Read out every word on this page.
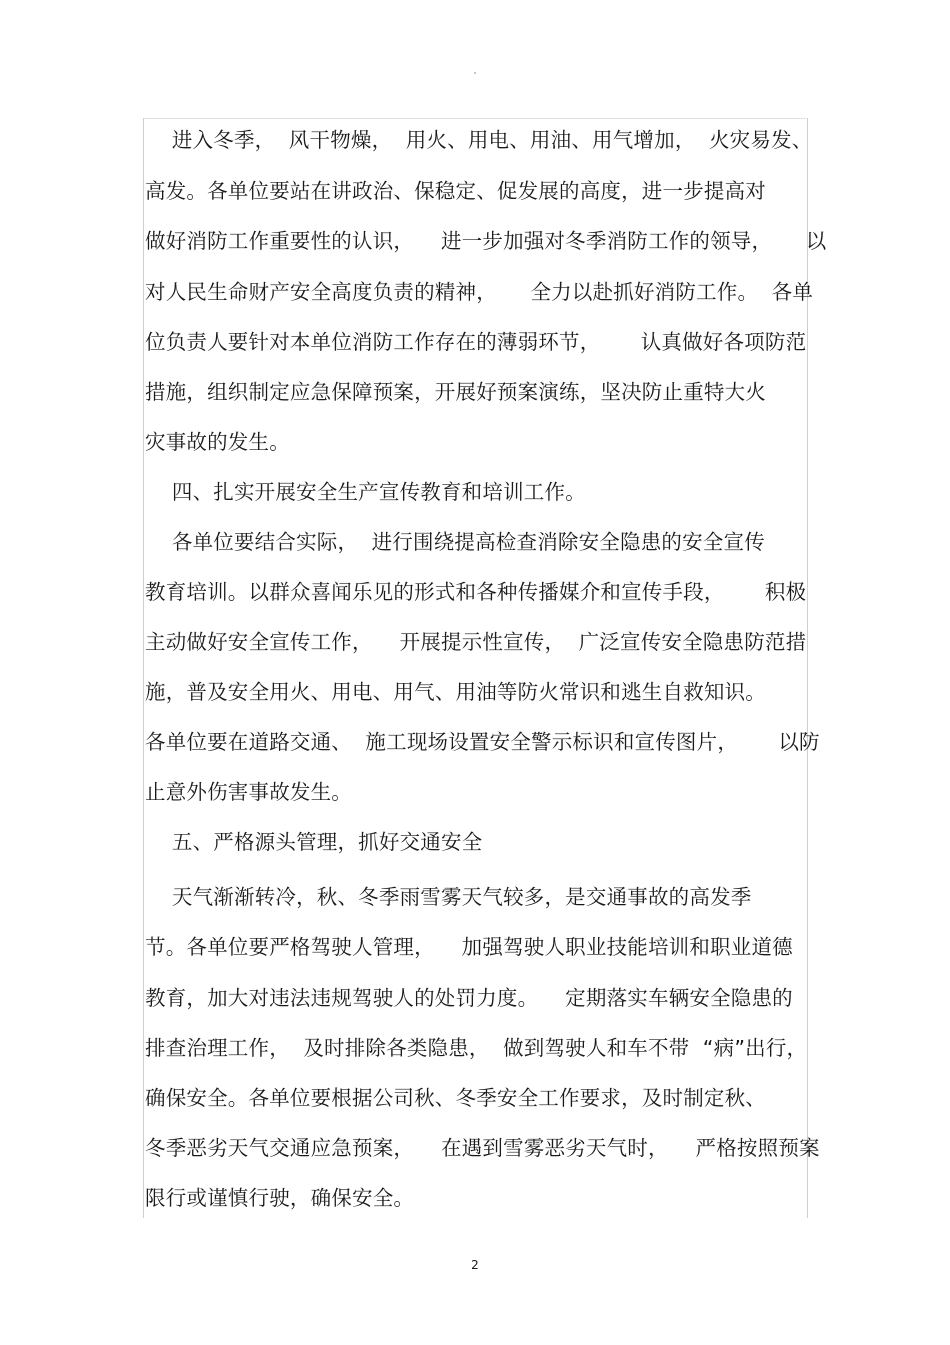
"
进入冬季，  风干物燥，  用火、用电、用油、用气增加，  火灾易发、
高发。各单位要站在讲政治、保稳定、促发展的高度，进一步提高对
做好消防工作重要性的认识，    进一步加强对冬季消防工作的领导，     以
对人民生命财产安全高度负责的精神，     全力以赴抓好消防工作。  各单
位负责人要针对本单位消防工作存在的薄弱环节，      认真做好各项防范
措施，组织制定应急保障预案，开展好预案演练，坚决防止重特大火
灾事故的发生。
四、扎实开展安全生产宣传教育和培训工作。
各单位要结合实际，  进行围绕提高检查消除安全隐患的安全宣传
教育培训。以群众喜闻乐见的形式和各种传播媒介和宣传手段，      积极
主动做好安全宣传工作，    开展提示性宣传，  广泛宣传安全隐患防范措
施，普及安全用火、用电、用气、用油等防火常识和逃生自救知识。
各单位要在道路交通、  施工现场设置安全警示标识和宣传图片，      以防
止意外伤害事故发生。
五、严格源头管理，抓好交通安全
天气渐渐转冷，秋、冬季雨雪雾天气较多，是交通事故的高发季
节。各单位要严格驾驶人管理，    加强驾驶人职业技能培训和职业道德
教育，加大对违法违规驾驶人的处罚力度。    定期落实车辆安全隐患的
排查治理工作，  及时排除各类隐患，  做到驾驶人和车不带  “病”出行，
确保安全。各单位要根据公司秋、冬季安全工作要求，及时制定秋、
冬季恶劣天气交通应急预案，    在遇到雪雾恶劣天气时，    严格按照预案
限行或谨慎行驶，确保安全。
2
